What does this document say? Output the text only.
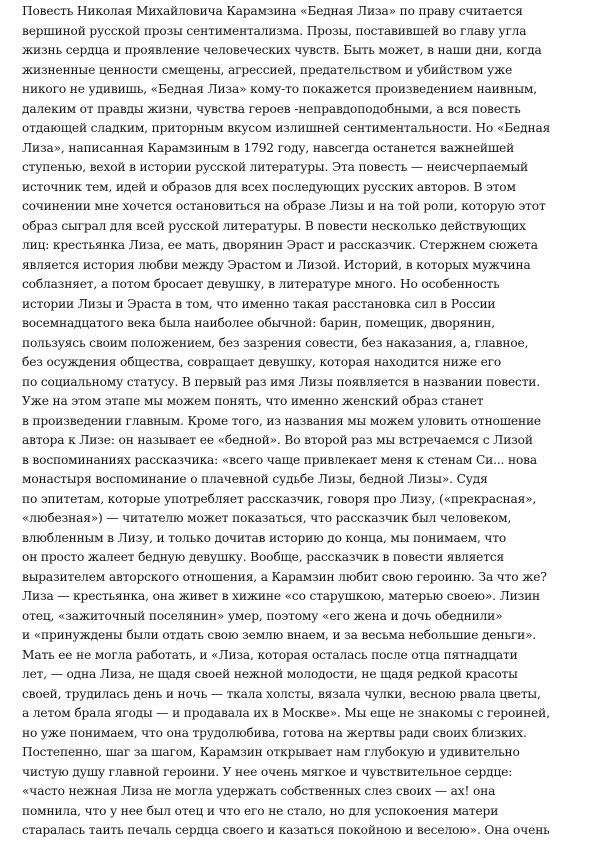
Повесть Николая Михайловича Карамзина «Бедная Лиза» по праву считается
вершиной русской прозы сентиментализма. Прозы, поставившей во главу угла
жизнь сердца и проявление человеческих чувств. Быть может, в наши дни, когда
жизненные ценности смещены, агрессией, предательством и убийством уже
никого не удивишь, «Бедная Лиза» кому-то покажется произведением наивным,
далеким от правды жизни, чувства героев -неправдоподобными, а вся повесть
отдающей сладким, приторным вкусом излишней сентиментальности. Но «Бедная
Лиза», написанная Карамзиным в 1792 году, навсегда останется важнейшей
ступенью, вехой в истории русской литературы. Эта повесть — неисчерпаемый
источник тем, идей и образов для всех последующих русских авторов. В этом
сочинении мне хочется остановиться на образе Лизы и на той роли, которую этот
образ сыграл для всей русской литературы. В повести несколько действующих
лиц: крестьянка Лиза, ее мать, дворянин Эраст и рассказчик. Стержнем сюжета
является история любви между Эрастом и Лизой. Историй, в которых мужчина
соблазняет, а потом бросает девушку, в литературе много. Но особенность
истории Лизы и Эраста в том, что именно такая расстановка сил в России
восемнадцатого века была наиболее обычной: барин, помещик, дворянин,
пользуясь своим положением, без зазрения совести, без наказания, а, главное,
без осуждения общества, совращает девушку, которая находится ниже его
по социальному статусу. В первый раз имя Лизы появляется в названии повести.
Уже на этом этапе мы можем понять, что именно женский образ станет
в произведении главным. Кроме того, из названия мы можем уловить отношение
автора к Лизе: он называет ее «бедной». Во второй раз мы встречаемся с Лизой
в воспоминаниях рассказчика: «всего чаще привлекает меня к стенам Си... нова
монастыря воспоминание о плачевной судьбе Лизы, бедной Лизы». Судя
по эпитетам, которые употребляет рассказчик, говоря про Лизу, («прекрасная»,
«любезная») — читателю может показаться, что рассказчик был человеком,
влюбленным в Лизу, и только дочитав историю до конца, мы понимаем, что
он просто жалеет бедную девушку. Вообще, рассказчик в повести является
выразителем авторского отношения, а Карамзин любит свою героиню. За что же?
Лиза — крестьянка, она живет в хижине «со старушкою, матерью своею». Лизин
отец, «зажиточный поселянин» умер, поэтому «его жена и дочь обеднили»
и «принуждены были отдать свою землю внаем, и за весьма небольшие деньги».
Мать ее не могла работать, и «Лиза, которая осталась после отца пятнадцати
лет, — одна Лиза, не щадя своей нежной молодости, не щадя редкой красоты
своей, трудилась день и ночь — ткала холсты, вязала чулки, весною рвала цветы,
а летом брала ягоды — и продавала их в Москве». Мы еще не знакомы с героиней,
но уже понимаем, что она трудолюбива, готова на жертвы ради своих близких.
Постепенно, шаг за шагом, Карамзин открывает нам глубокую и удивительно
чистую душу главной героини. У нее очень мягкое и чувствительное сердце:
«часто нежная Лиза не могла удержать собственных слез своих — ах! она
помнила, что у нее был отец и что его не стало, но для успокоения матери
старалась таить печаль сердца своего и казаться покойною и веселою». Она очень
